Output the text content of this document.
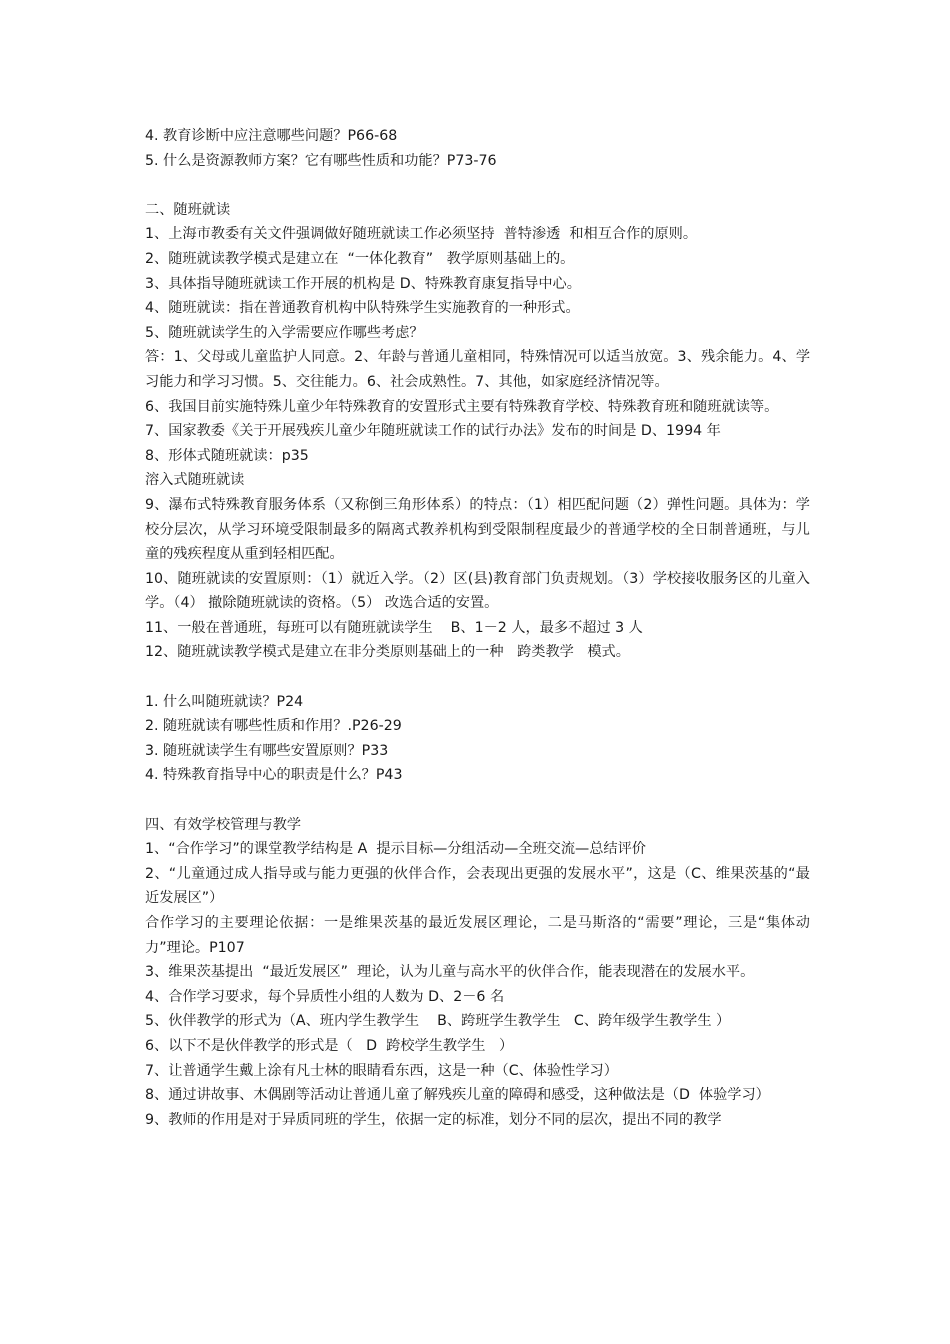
4. 教育诊断中应注意哪些问题？P66-68
5. 什么是资源教师方案？它有哪些性质和功能？P73-76
二、随班就读
1、上海市教委有关文件强调做好随班就读工作必须坚持  普特渗透  和相互合作的原则。
2、随班就读教学模式是建立在  “一体化教育”   教学原则基础上的。
3、具体指导随班就读工作开展的机构是 D、特殊教育康复指导中心。
4、随班就读：指在普通教育机构中队特殊学生实施教育的一种形式。
5、随班就读学生的入学需要应作哪些考虑？
答：1、父母或儿童监护人同意。2、年龄与普通儿童相同，特殊情况可以适当放宽。3、残余能力。4、学习能力和学习习惯。5、交往能力。6、社会成熟性。7、其他，如家庭经济情况等。
6、我国目前实施特殊儿童少年特殊教育的安置形式主要有特殊教育学校、特殊教育班和随班就读等。
7、国家教委《关于开展残疾儿童少年随班就读工作的试行办法》发布的时间是 D、1994 年
8、形体式随班就读：p35
溶入式随班就读
9、瀑布式特殊教育服务体系（又称倒三角形体系）的特点：（1）相匹配问题（2）弹性问题。具体为：学校分层次，从学习环境受限制最多的隔离式教养机构到受限制程度最少的普通学校的全日制普通班，与儿童的残疾程度从重到轻相匹配。
10、随班就读的安置原则：（1）就近入学。（2）区(县)教育部门负责规划。（3）学校接收服务区的儿童入学。（4） 撤除随班就读的资格。（5） 改选合适的安置。
11、一般在普通班，每班可以有随班就读学生    B、1－2 人，最多不超过 3 人
12、随班就读教学模式是建立在非分类原则基础上的一种   跨类教学   模式。
1. 什么叫随班就读？P24
2. 随班就读有哪些性质和作用？.P26-29
3. 随班就读学生有哪些安置原则？P33
4. 特殊教育指导中心的职责是什么？P43
四、有效学校管理与教学
1、“合作学习”的课堂教学结构是 A  提示目标—分组活动—全班交流—总结评价
2、“儿童通过成人指导或与能力更强的伙伴合作，会表现出更强的发展水平”，这是（C、维果茨基的“最近发展区”）
合作学习的主要理论依据：一是维果茨基的最近发展区理论，二是马斯洛的“需要”理论，三是“集体动力”理论。P107
3、维果茨基提出  “最近发展区”  理论，认为儿童与高水平的伙伴合作，能表现潜在的发展水平。
4、合作学习要求，每个异质性小组的人数为 D、2－6 名
5、伙伴教学的形式为（A、班内学生教学生    B、跨班学生教学生   C、跨年级学生教学生 ）
6、以下不是伙伴教学的形式是（   D  跨校学生教学生   ）
7、让普通学生戴上涂有凡士林的眼睛看东西，这是一种（C、体验性学习）
8、通过讲故事、木偶剧等活动让普通儿童了解残疾儿童的障碍和感受，这种做法是（D  体验学习）
9、教师的作用是对于异质同班的学生，依据一定的标准，划分不同的层次，提出不同的教学
